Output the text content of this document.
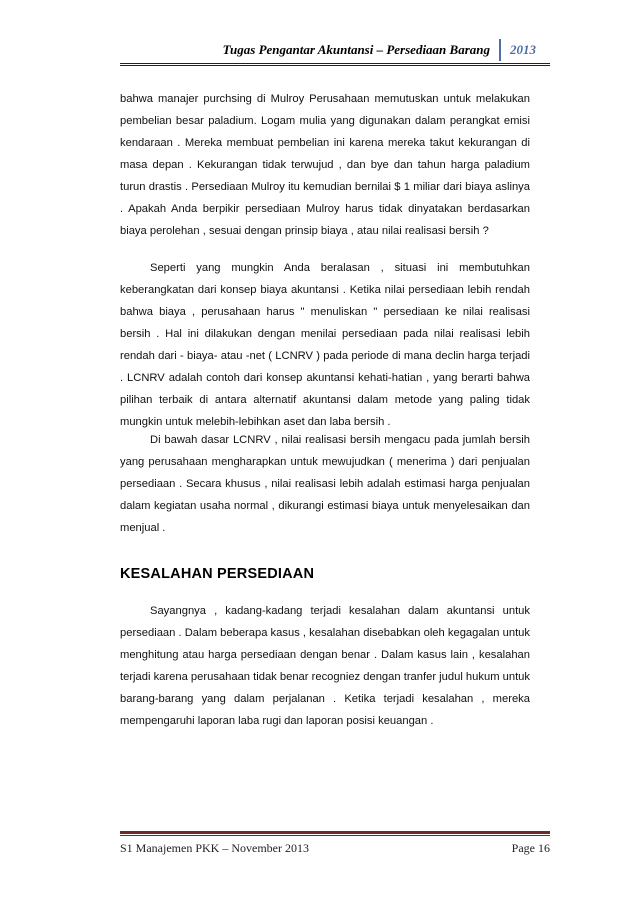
Tugas Pengantar Akuntansi – Persediaan Barang 2013

bahwa manajer purchsing di Mulroy Perusahaan memutuskan untuk melakukan pembelian besar paladium. Logam mulia yang digunakan dalam perangkat emisi kendaraan . Mereka membuat pembelian ini karena mereka takut kekurangan di masa depan . Kekurangan tidak terwujud , dan bye dan tahun harga paladium turun drastis . Persediaan Mulroy itu kemudian bernilai $ 1 miliar dari biaya aslinya . Apakah Anda berpikir persediaan Mulroy harus tidak dinyatakan berdasarkan biaya perolehan , sesuai dengan prinsip biaya , atau nilai realisasi bersih ?

Seperti yang mungkin Anda beralasan , situasi ini membutuhkan keberangkatan dari konsep biaya akuntansi . Ketika nilai persediaan lebih rendah bahwa biaya , perusahaan harus " menuliskan " persediaan ke nilai realisasi bersih . Hal ini dilakukan dengan menilai persediaan pada nilai realisasi lebih rendah dari - biaya- atau -net ( LCNRV ) pada periode di mana declin harga terjadi . LCNRV adalah contoh dari konsep akuntansi kehati-hatian , yang berarti bahwa pilihan terbaik di antara alternatif akuntansi dalam metode yang paling tidak mungkin untuk melebih-lebihkan aset dan laba bersih .

Di bawah dasar LCNRV , nilai realisasi bersih mengacu pada jumlah bersih yang perusahaan mengharapkan untuk mewujudkan ( menerima ) dari penjualan persediaan . Secara khusus , nilai realisasi lebih adalah estimasi harga penjualan dalam kegiatan usaha normal , dikurangi estimasi biaya untuk menyelesaikan dan menjual .

KESALAHAN PERSEDIAAN

Sayangnya , kadang-kadang terjadi kesalahan dalam akuntansi untuk persediaan . Dalam beberapa kasus , kesalahan disebabkan oleh kegagalan untuk menghitung atau harga persediaan dengan benar . Dalam kasus lain , kesalahan terjadi karena perusahaan tidak benar recogniez dengan tranfer judul hukum untuk barang-barang yang dalam perjalanan . Ketika terjadi kesalahan , mereka mempengaruhi laporan laba rugi dan laporan posisi keuangan .

S1 Manajemen PKK – November 2013	Page 16
